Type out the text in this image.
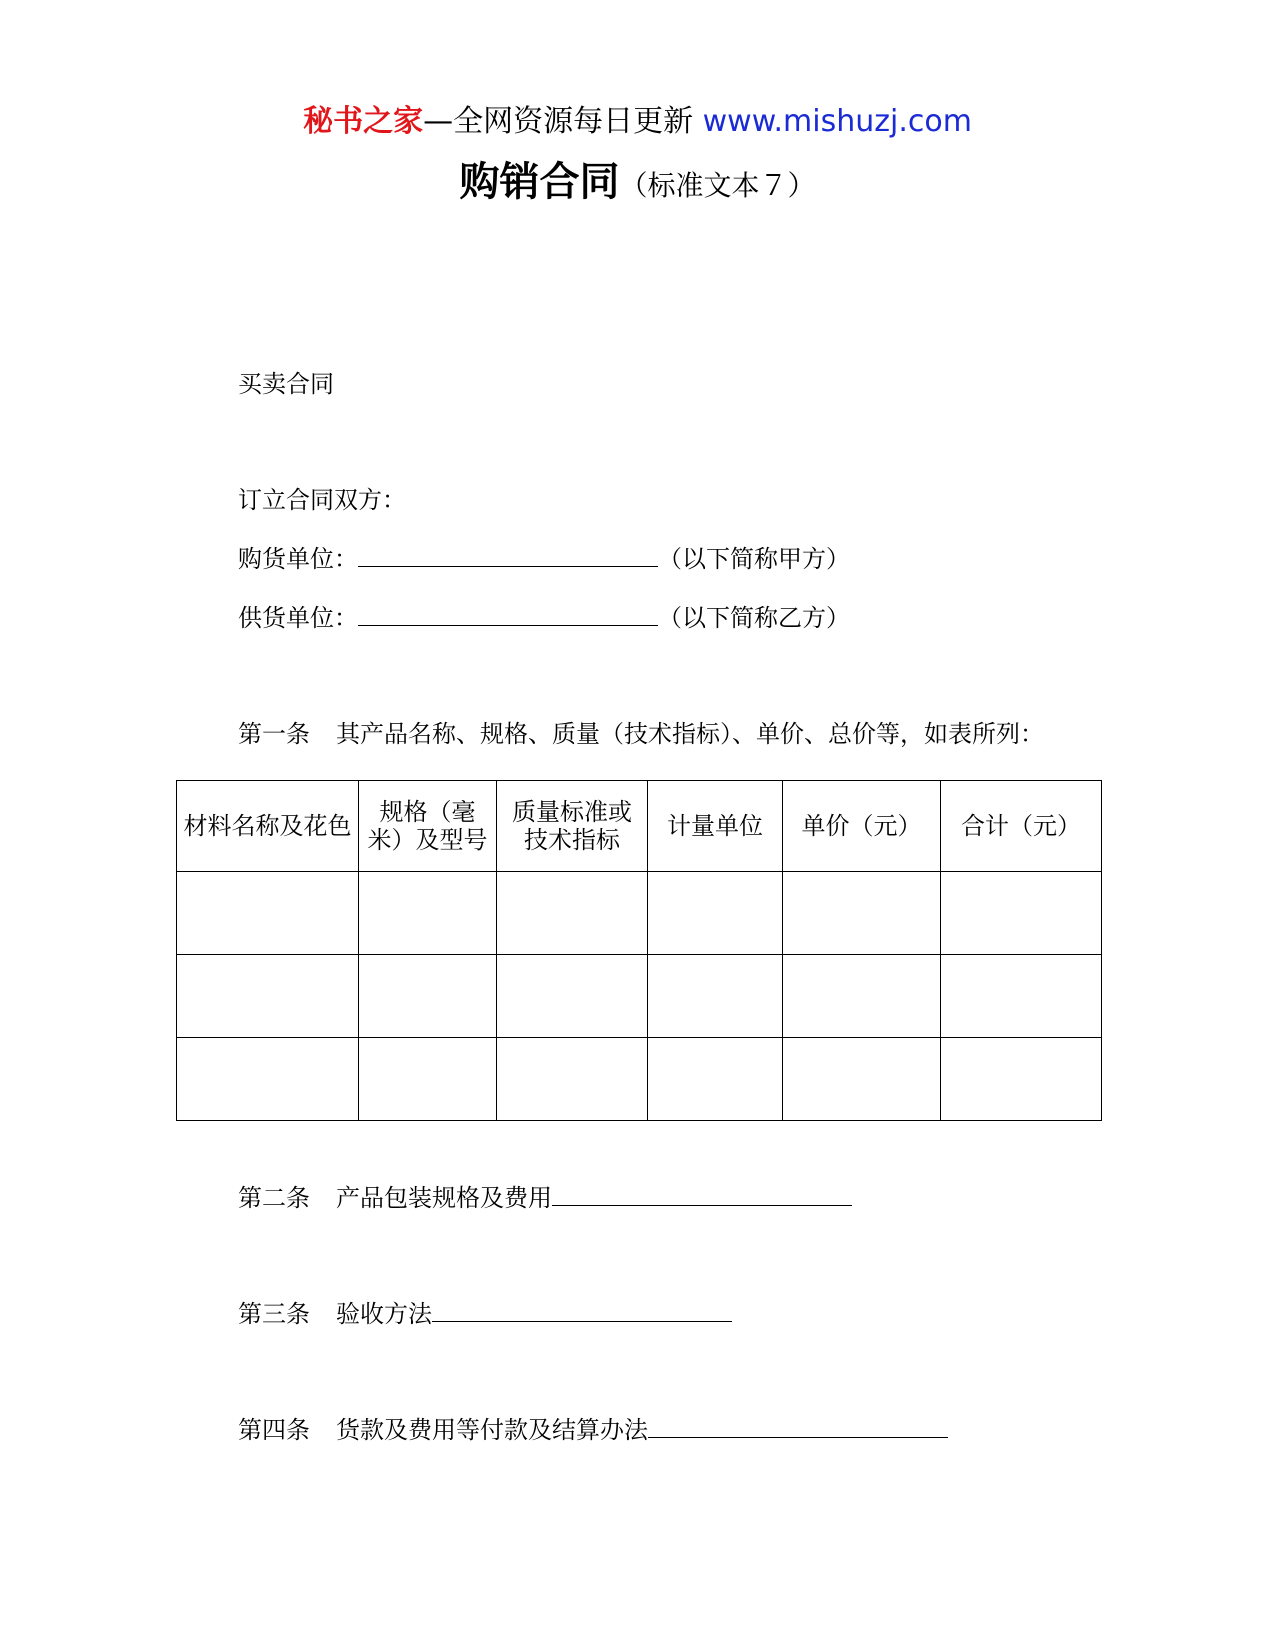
秘书之家—全网资源每日更新 www.mishuzj.com
购销合同（标准文本７）
买卖合同
订立合同双方：
购货单位：	（以下简称甲方）
供货单位：	（以下简称乙方）
第一条 其产品名称、规格、质量（技术指标）、单价、总价等，如表所列：
材料名称及花色	规格（毫米）及型号	质量标准或技术指标	计量单位	单价（元）	合计（元）

第二条 产品包装规格及费用
第三条 验收方法
第四条 货款及费用等付款及结算办法
